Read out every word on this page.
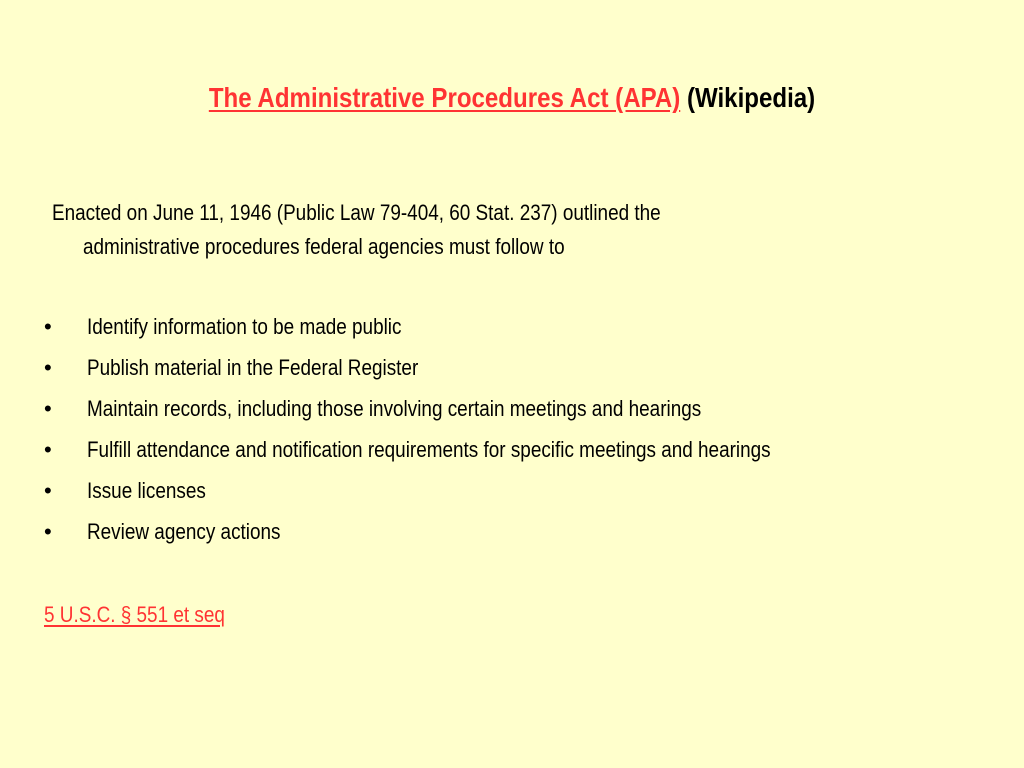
The Administrative Procedures Act (APA) (Wikipedia)
Enacted on June 11, 1946 (Public Law 79-404, 60 Stat. 237) outlined the
administrative procedures federal agencies must follow to
•	Identify information to be made public
•	Publish material in the Federal Register
•	Maintain records, including those involving certain meetings and hearings
•	Fulfill attendance and notification requirements for specific meetings and hearings
•	Issue licenses
•	Review agency actions
5 U.S.C. § 551 et seq
